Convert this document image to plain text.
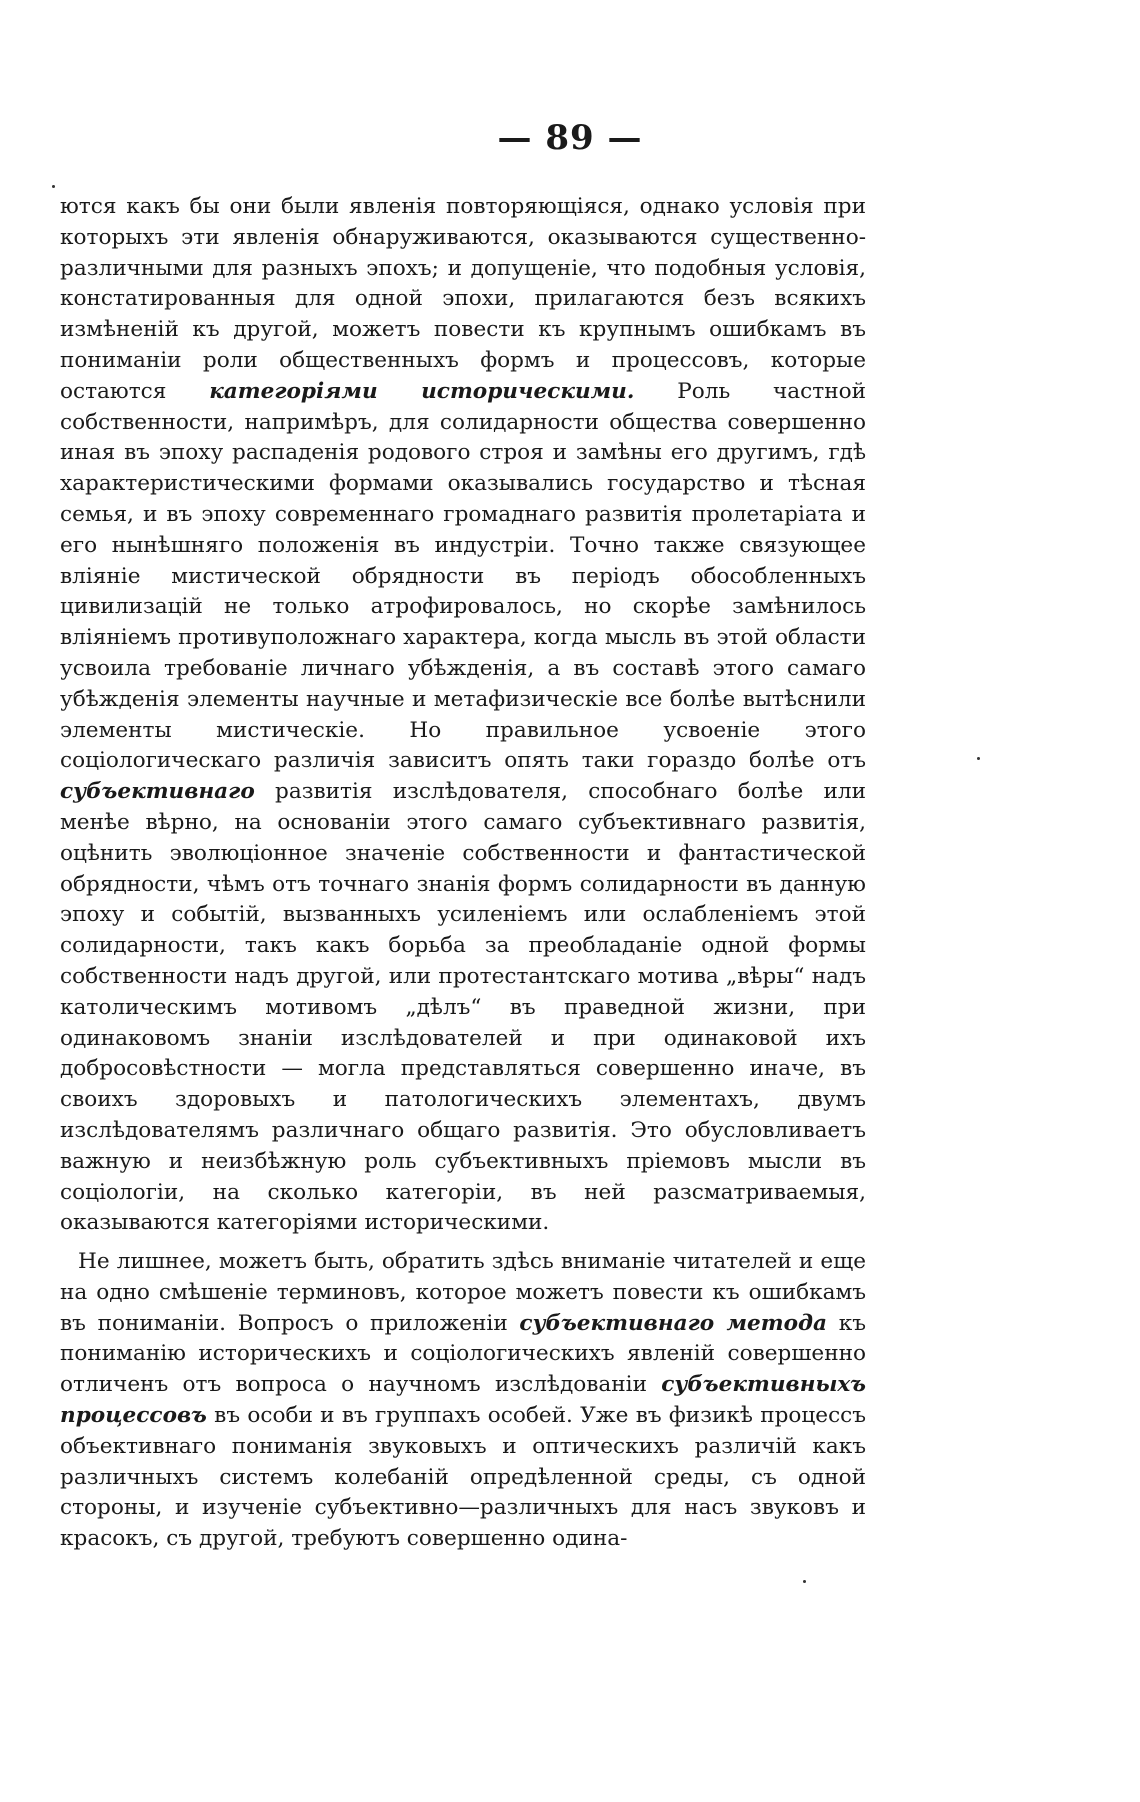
— 89 —

ются какъ бы они были явленія повторяющіяся, однако условія при которыхъ эти явленія обнаруживаются, оказываются существенно-различными для разныхъ эпохъ; и допущеніе, что подобныя условія, констатированныя для одной эпохи, прилагаются безъ всякихъ измѣненій къ другой, можетъ повести къ крупнымъ ошибкамъ въ пониманіи роли общественныхъ формъ и процессовъ, которые остаются категоріями историческими. Роль частной собственности, напримѣръ, для солидарности общества совершенно иная въ эпоху распаденія родового строя и замѣны его другимъ, гдѣ характеристическими формами оказывались государство и тѣсная семья, и въ эпоху современнаго громаднаго развитія пролетаріата и его нынѣшняго положенія въ индустріи. Точно также связующее вліяніе мистической обрядности въ періодъ обособленныхъ цивилизацій не только атрофировалось, но скорѣе замѣнилось вліяніемъ противуположнаго характера, когда мысль въ этой области усвоила требованіе личнаго убѣжденія, а въ составѣ этого самаго убѣжденія элементы научные и метафизическіе все болѣе вытѣснили элементы мистическіе. Но правильное усвоеніе этого соціологическаго различія зависитъ опять таки гораздо болѣе отъ субъективнаго развитія изслѣдователя, способнаго болѣе или менѣе вѣрно, на основаніи этого самаго субъективнаго развитія, оцѣнить эволюціонное значеніе собственности и фантастической обрядности, чѣмъ отъ точнаго знанія формъ солидарности въ данную эпоху и событій, вызванныхъ усиленіемъ или ослабленіемъ этой солидарности, такъ какъ борьба за преобладаніе одной формы собственности надъ другой, или протестантскаго мотива „вѣры“ надъ католическимъ мотивомъ „дѣлъ“ въ праведной жизни, при одинаковомъ знаніи изслѣдователей и при одинаковой ихъ добросовѣстности — могла представляться совершенно иначе, въ своихъ здоровыхъ и патологическихъ элементахъ, двумъ изслѣдователямъ различнаго общаго развитія. Это обусловливаетъ важную и неизбѣжную роль субъективныхъ пріемовъ мысли въ соціологіи, на сколько категоріи, въ ней разсматриваемыя, оказываются категоріями историческими.

Не лишнее, можетъ быть, обратить здѣсь вниманіе читателей и еще на одно смѣшеніе терминовъ, которое можетъ повести къ ошибкамъ въ пониманіи. Вопросъ о приложеніи субъективнаго метода къ пониманію историческихъ и соціологическихъ явленій совершенно отличенъ отъ вопроса о научномъ изслѣдованіи субъективныхъ процессовъ въ особи и въ группахъ особей. Уже въ физикѣ процессъ объективнаго пониманія звуковыхъ и оптическихъ различій какъ различныхъ системъ колебаній опредѣленной среды, съ одной стороны, и изученіе субъективно—различныхъ для насъ звуковъ и красокъ, съ другой, требуютъ совершенно одина-
